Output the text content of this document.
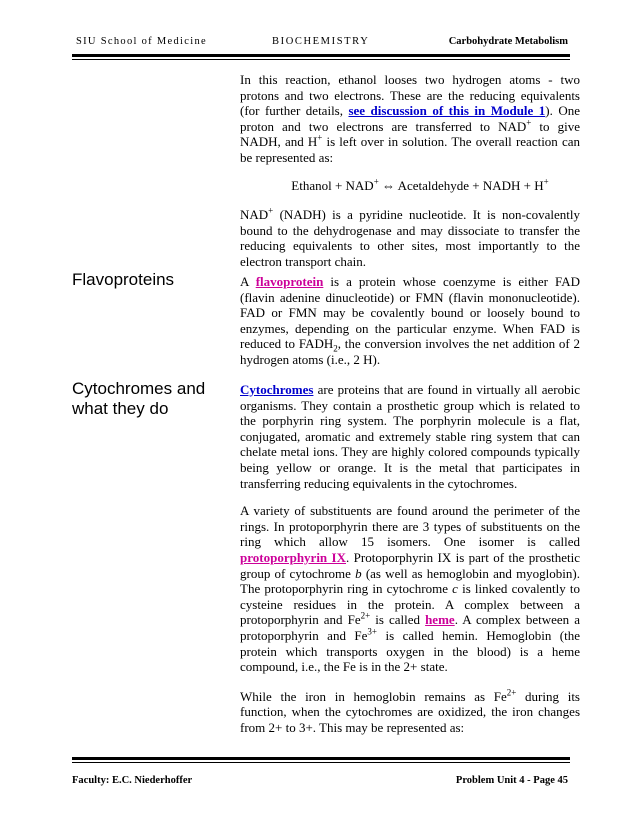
SIU School of Medicine	BIOCHEMISTRY	Carbohydrate Metabolism

In this reaction, ethanol looses two hydrogen atoms - two protons and two electrons. These are the reducing equivalents (for further details, see discussion of this in Module 1). One proton and two electrons are transferred to NAD+ to give NADH, and H+ is left over in solution. The overall reaction can be represented as:

Ethanol + NAD+ ⇔ Acetaldehyde + NADH + H+

NAD+ (NADH) is a pyridine nucleotide. It is non-covalently bound to the dehydrogenase and may dissociate to transfer the reducing equivalents to other sites, most importantly to the electron transport chain.

Flavoproteins	A flavoprotein is a protein whose coenzyme is either FAD (flavin adenine dinucleotide) or FMN (flavin mononucleotide). FAD or FMN may be covalently bound or loosely bound to enzymes, depending on the particular enzyme. When FAD is reduced to $FADH_2$, the conversion involves the net addition of 2 hydrogen atoms (i.e., 2 H).

Cytochromes and what they do

Cytochromes are proteins that are found in virtually all aerobic organisms. They contain a prosthetic group which is related to the porphyrin ring system. The porphyrin molecule is a flat, conjugated, aromatic and extremely stable ring system that can chelate metal ions. They are highly colored compounds typically being yellow or orange. It is the metal that participates in transferring reducing equivalents in the cytochromes.

A variety of substituents are found around the perimeter of the rings. In protoporphyrin there are 3 types of substituents on the ring which allow 15 isomers. One isomer is called protoporphyrin IX. Protoporphyrin IX is part of the prosthetic group of cytochrome b (as well as hemoglobin and myoglobin). The protoporphyrin ring in cytochrome c is linked covalently to cysteine residues in the protein. A complex between a protoporphyrin and $Fe^{2+}$ is called heme. A complex between a protoporphyrin and $Fe^{3+}$ is called hemin. Hemoglobin (the protein which transports oxygen in the blood) is a heme compound, i.e., the Fe is in the 2+ state.

While the iron in hemoglobin remains as $Fe^{2+}$ during its function, when the cytochromes are oxidized, the iron changes from 2+ to 3+. This may be represented as:

Faculty: E.C. Niederhoffer	Problem Unit 4 - Page 45
